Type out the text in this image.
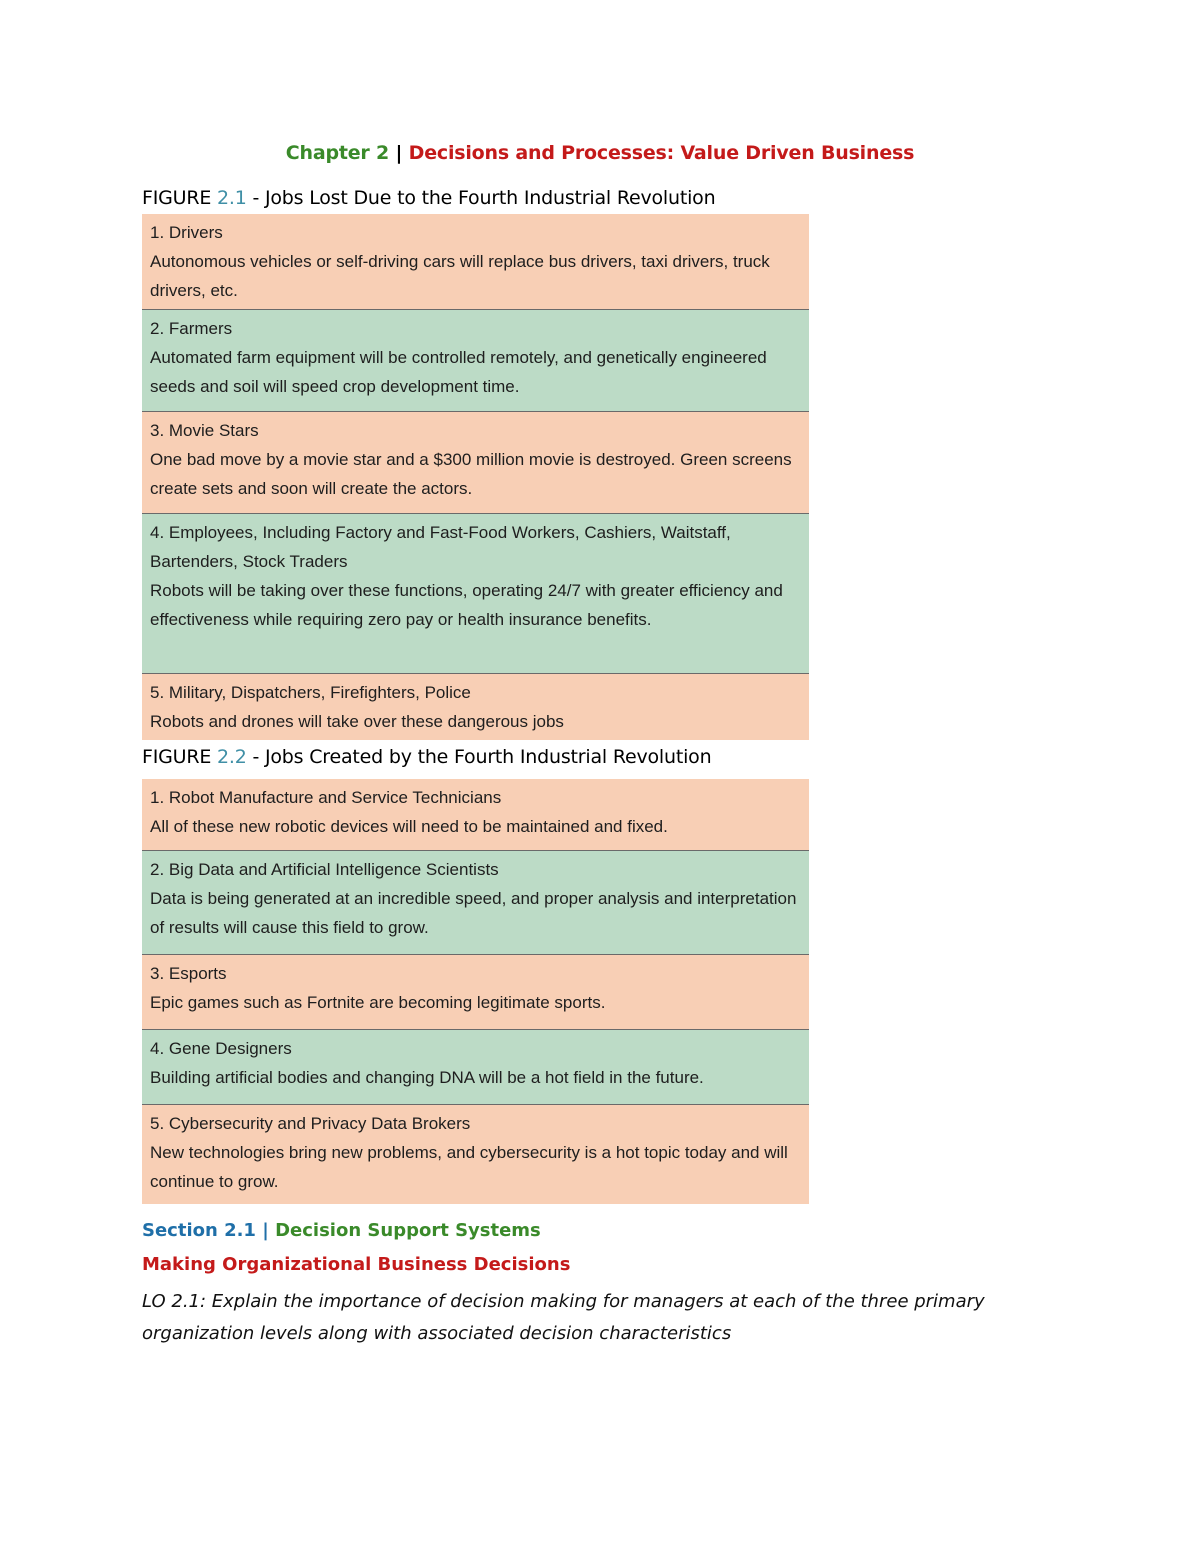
Chapter 2 | Decisions and Processes: Value Driven Business
FIGURE 2.1 - Jobs Lost Due to the Fourth Industrial Revolution
1. Drivers
Autonomous vehicles or self-driving cars will replace bus drivers, taxi drivers, truck drivers, etc.
2. Farmers
Automated farm equipment will be controlled remotely, and genetically engineered seeds and soil will speed crop development time.
3. Movie Stars
One bad move by a movie star and a $300 million movie is destroyed. Green screens create sets and soon will create the actors.
4. Employees, Including Factory and Fast-Food Workers, Cashiers, Waitstaff, Bartenders, Stock Traders
Robots will be taking over these functions, operating 24/7 with greater efficiency and effectiveness while requiring zero pay or health insurance benefits.
5. Military, Dispatchers, Firefighters, Police
Robots and drones will take over these dangerous jobs
FIGURE 2.2 - Jobs Created by the Fourth Industrial Revolution
1. Robot Manufacture and Service Technicians
All of these new robotic devices will need to be maintained and fixed.
2. Big Data and Artificial Intelligence Scientists
Data is being generated at an incredible speed, and proper analysis and interpretation of results will cause this field to grow.
3. Esports
Epic games such as Fortnite are becoming legitimate sports.
4. Gene Designers
Building artificial bodies and changing DNA will be a hot field in the future.
5. Cybersecurity and Privacy Data Brokers
New technologies bring new problems, and cybersecurity is a hot topic today and will continue to grow.
Section 2.1 | Decision Support Systems
Making Organizational Business Decisions
LO 2.1: Explain the importance of decision making for managers at each of the three primary organization levels along with associated decision characteristics
